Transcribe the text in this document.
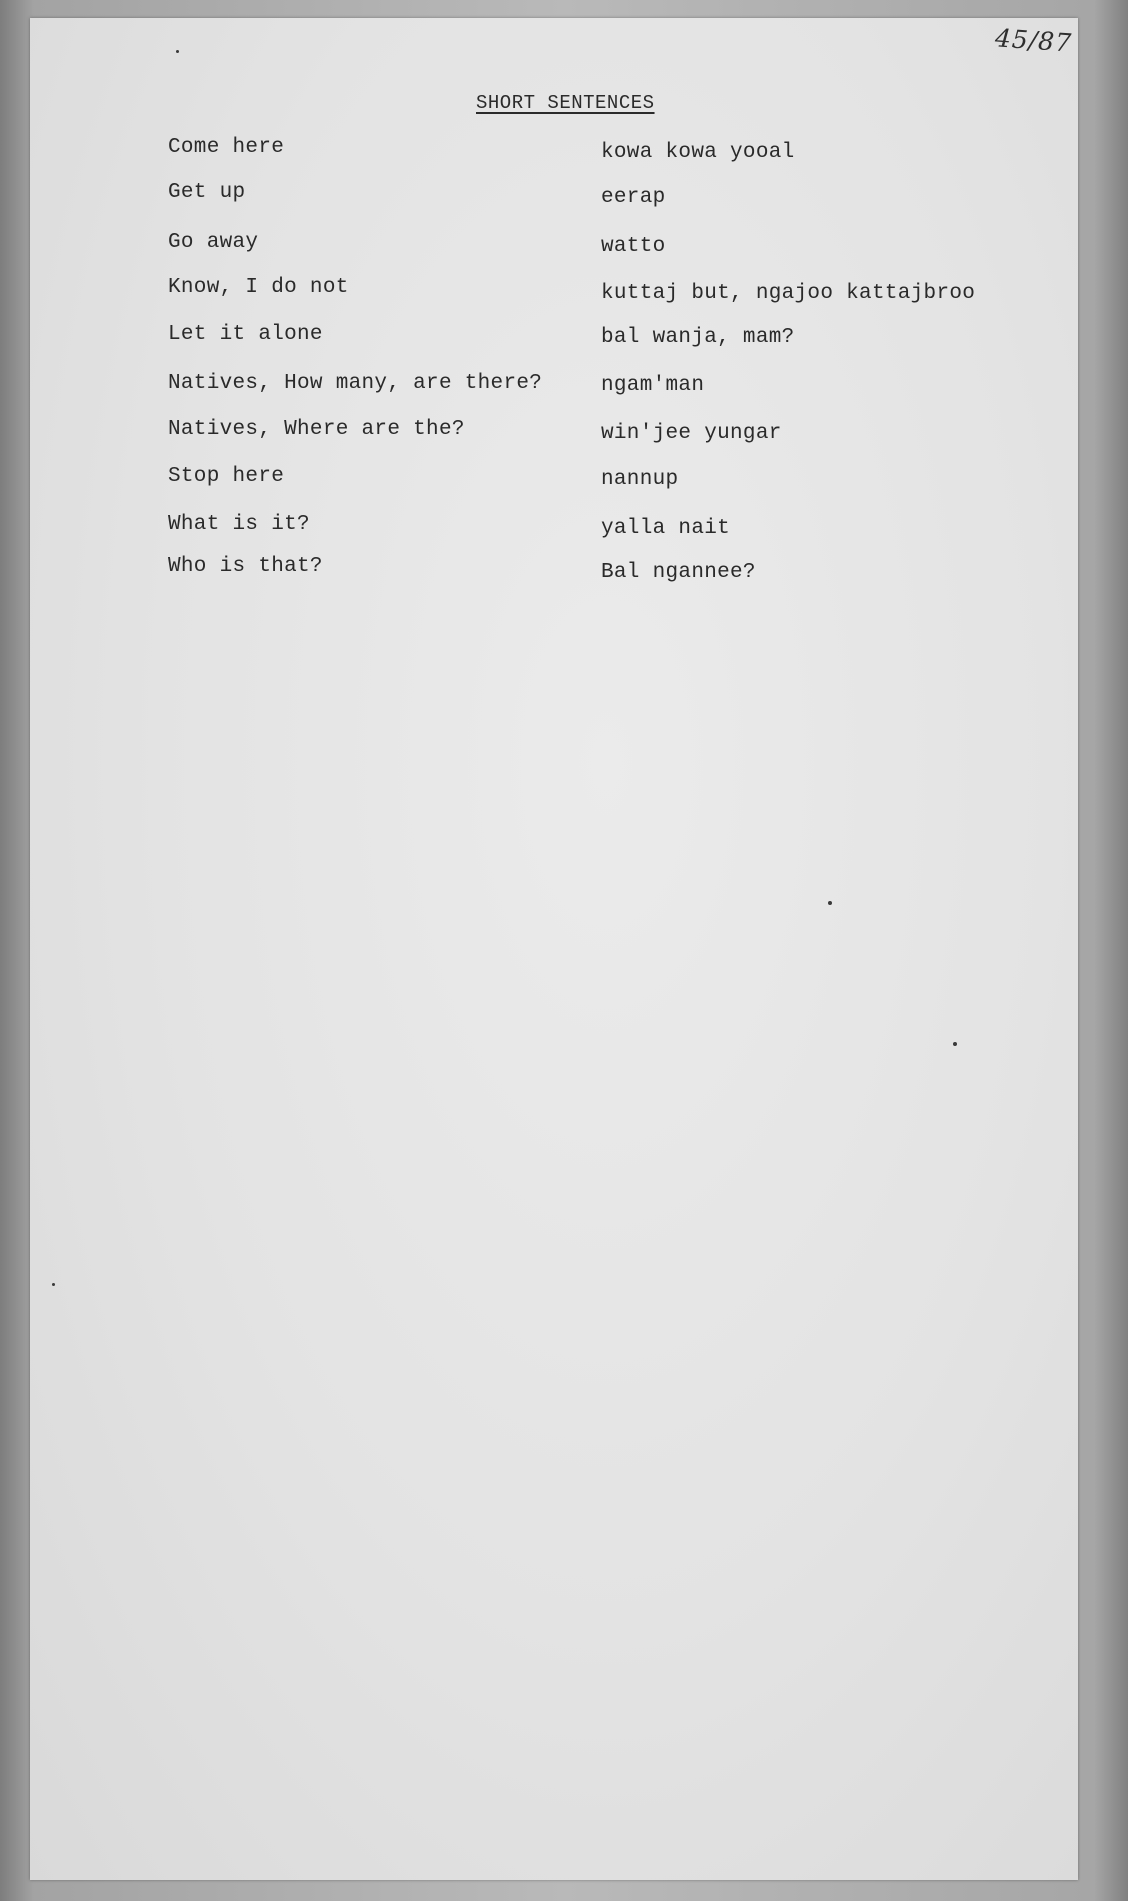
45/87
SHORT SENTENCES
Come here	kowa kowa yooal
Get up	eerap
Go away	watto
Know, I do not	kuttaj but, ngajoo kattajbroo
Let it alone	bal wanja, mam?
Natives, How many, are there?	ngam'man
Natives, Where are the?	win'jee yungar
Stop here	nannup
What is it?	yalla nait
Who is that?	Bal ngannee?
